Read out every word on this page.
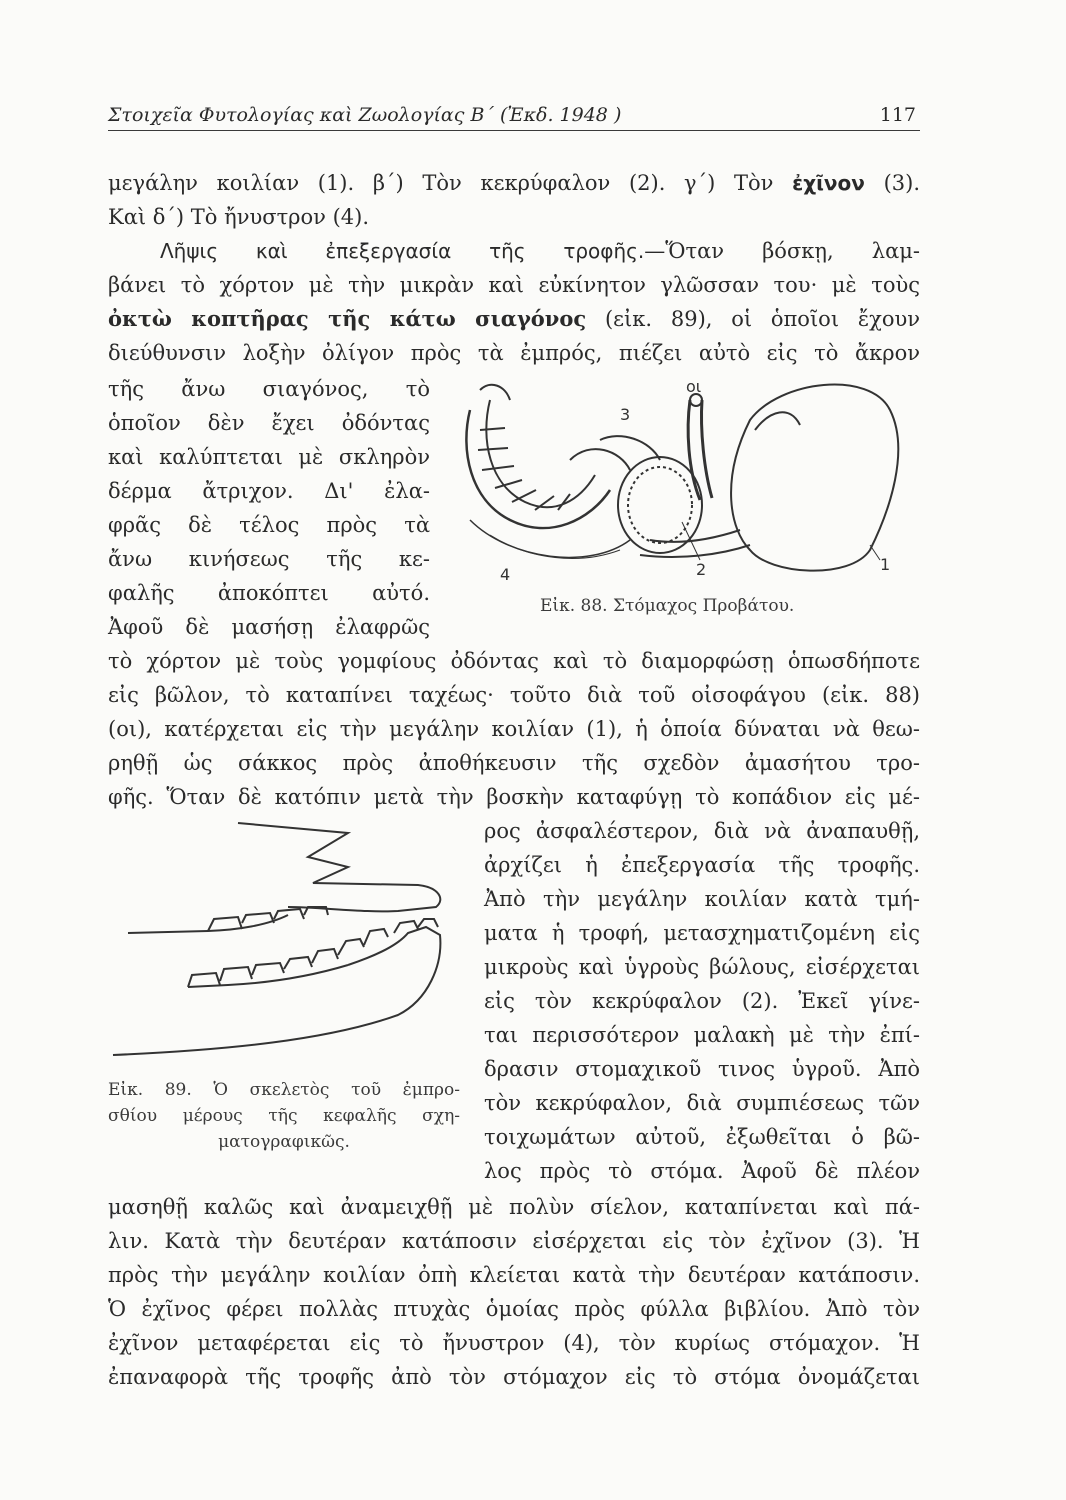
Στοιχεῖα Φυτολογίας καὶ Ζωολογίας Β΄ (Ἐκδ. 1948 )	117
μεγάλην κοιλίαν (1). β΄) Τὸν κεκρύφαλον (2). γ΄) Τὸν ἐχῖνον (3).
Καὶ δ΄) Τὸ ἤνυστρον (4).
Λῆψις καὶ ἐπεξεργασία τῆς τροφῆς.—Ὅταν βόσκῃ, λαμ-
βάνει τὸ χόρτον μὲ τὴν μικρὰν καὶ εὐκίνητον γλῶσσαν του· μὲ τοὺς
ὀκτὼ κοπτῆρας τῆς κάτω σιαγόνος (εἰκ. 89), οἱ ὁποῖοι ἔχουν
διεύθυνσιν λοξὴν ὀλίγον πρὸς τὰ ἐμπρός, πιέζει αὐτὸ εἰς τὸ ἄκρον
τῆς ἄνω σιαγόνος, τὸ
ὁποῖον δὲν ἔχει ὀδόντας
καὶ καλύπτεται μὲ σκληρὸν
δέρμα ἄτριχον. Δι' ἐλα-
φρᾶς δὲ τέλος πρὸς τὰ
ἄνω κινήσεως τῆς κε-
φαλῆς ἀποκόπτει αὐτό.
Ἀφοῦ δὲ μασήσῃ ἐλαφρῶς
οι
3
2
4
1
Εἰκ. 88. Στόμαχος Προβάτου.
τὸ χόρτον μὲ τοὺς γομφίους ὀδόντας καὶ τὸ διαμορφώσῃ ὁπωσδήποτε
εἰς βῶλον, τὸ καταπίνει ταχέως· τοῦτο διὰ τοῦ οἰσοφάγου (εἰκ. 88)
(οι), κατέρχεται εἰς τὴν μεγάλην κοιλίαν (1), ἡ ὁποία δύναται νὰ θεω-
ρηθῇ ὡς σάκκος πρὸς ἀποθήκευσιν τῆς σχεδὸν ἀμασήτου τρο-
φῆς. Ὅταν δὲ κατόπιν μετὰ τὴν βοσκὴν καταφύγῃ τὸ κοπάδιον εἰς μέ-
Εἰκ. 89. Ὁ σκελετὸς τοῦ ἐμπρο-
σθίου μέρους τῆς κεφαλῆς σχη-
ματογραφικῶς.
ρος ἀσφαλέστερον, διὰ νὰ ἀναπαυθῇ,
ἀρχίζει ἡ ἐπεξεργασία τῆς τροφῆς.
Ἀπὸ τὴν μεγάλην κοιλίαν κατὰ τμή-
ματα ἡ τροφή, μετασχηματιζομένη εἰς
μικροὺς καὶ ὑγροὺς βώλους, εἰσέρχεται
εἰς τὸν κεκρύφαλον (2). Ἐκεῖ γίνε-
ται περισσότερον μαλακὴ μὲ τὴν ἐπί-
δρασιν στομαχικοῦ τινος ὑγροῦ. Ἀπὸ
τὸν κεκρύφαλον, διὰ συμπιέσεως τῶν
τοιχωμάτων αὐτοῦ, ἐξωθεῖται ὁ βῶ-
λος πρὸς τὸ στόμα. Ἀφοῦ δὲ πλέον
μασηθῇ καλῶς καὶ ἀναμειχθῇ μὲ πολὺν σίελον, καταπίνεται καὶ πά-
λιν. Κατὰ τὴν δευτέραν κατάποσιν εἰσέρχεται εἰς τὸν ἐχῖνον (3). Ἡ
πρὸς τὴν μεγάλην κοιλίαν ὀπὴ κλείεται κατὰ τὴν δευτέραν κατάποσιν.
Ὁ ἐχῖνος φέρει πολλὰς πτυχὰς ὁμοίας πρὸς φύλλα βιβλίου. Ἀπὸ τὸν
ἐχῖνον μεταφέρεται εἰς τὸ ἤνυστρον (4), τὸν κυρίως στόμαχον. Ἡ
ἐπαναφορὰ τῆς τροφῆς ἀπὸ τὸν στόμαχον εἰς τὸ στόμα ὀνομάζεται
